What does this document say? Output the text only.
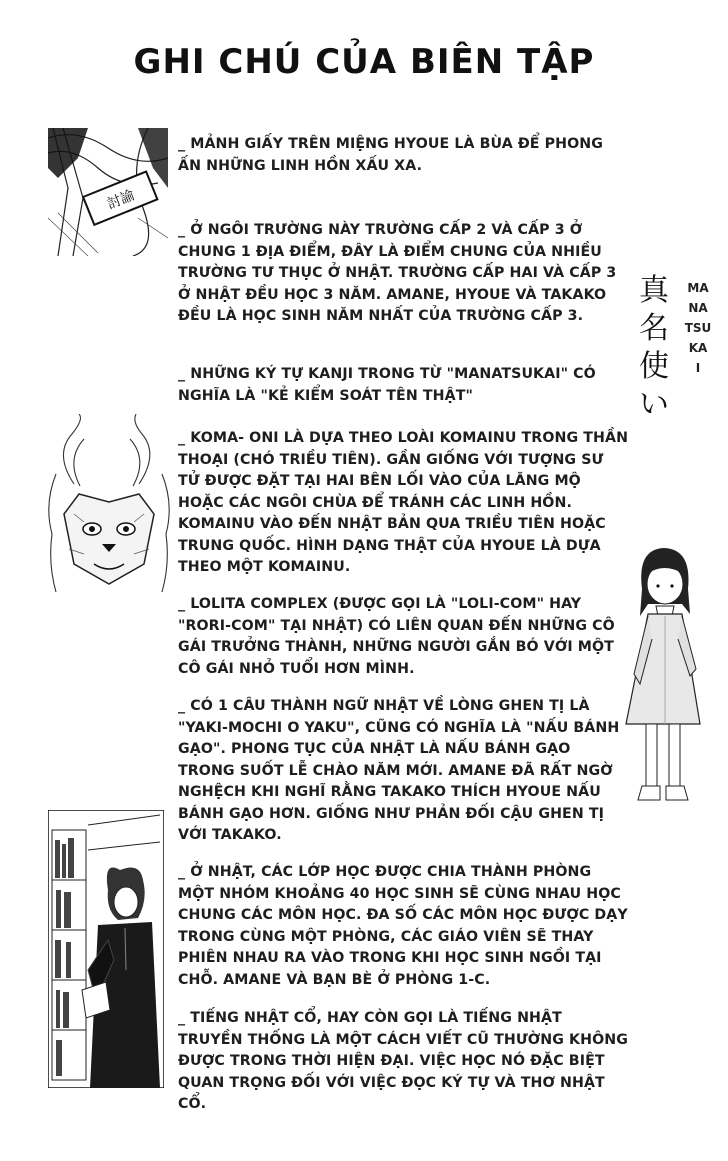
GHI CHÚ CỦA BIÊN TẬP
討諭
真
名
使
い
MA
NA
TSU
KA
I
_ MẢNH GIẤY TRÊN MIỆNG HYOUE LÀ BÙA ĐỂ PHONG ẤN NHỮNG LINH HỒN XẤU XA.
_ Ở NGÔI TRƯỜNG NÀY TRƯỜNG CẤP 2 VÀ CẤP 3 Ở CHUNG 1 ĐỊA ĐIỂM, ĐÂY LÀ ĐIỂM CHUNG CỦA NHIỀU TRƯỜNG TƯ THỤC Ở NHẬT. TRƯỜNG CẤP HAI VÀ CẤP 3 Ở NHẬT ĐỀU HỌC 3 NĂM. AMANE, HYOUE VÀ TAKAKO ĐỀU LÀ HỌC SINH NĂM NHẤT CỦA TRƯỜNG CẤP 3.
_ NHỮNG KÝ TỰ KANJI TRONG TỪ "MANATSUKAI" CÓ NGHĨA LÀ "KẺ KIỂM SOÁT TÊN THẬT"
_ KOMA- ONI LÀ DỰA THEO LOÀI KOMAINU TRONG THẦN THOẠI (CHÓ TRIỀU TIÊN). GẦN GIỐNG VỚI TƯỢNG SƯ TỬ ĐƯỢC ĐẶT TẠI HAI BÊN LỐI VÀO CỦA LĂNG MỘ HOẶC CÁC NGÔI CHÙA ĐỂ TRÁNH CÁC LINH HỒN. KOMAINU VÀO ĐẾN NHẬT BẢN QUA TRIỀU TIÊN HOẶC TRUNG QUỐC. HÌNH DẠNG THẬT CỦA HYOUE LÀ DỰA THEO MỘT KOMAINU.
_ LOLITA COMPLEX (ĐƯỢC GỌI LÀ "LOLI-COM" HAY "RORI-COM" TẠI NHẬT) CÓ LIÊN QUAN ĐẾN NHỮNG CÔ GÁI TRƯỞNG THÀNH, NHỮNG NGƯỜI GẮN BÓ VỚI MỘT CÔ GÁI NHỎ TUỔI HƠN MÌNH.
_ CÓ 1 CÂU THÀNH NGỮ NHẬT VỀ LÒNG GHEN TỊ LÀ "YAKI-MOCHI O YAKU", CŨNG CÓ NGHĨA LÀ "NẤU BÁNH GẠO". PHONG TỤC CỦA NHẬT LÀ NẤU BÁNH GẠO TRONG SUỐT LỄ CHÀO NĂM MỚI. AMANE ĐÃ RẤT NGỜ NGHỆCH KHI NGHĨ RẰNG TAKAKO THÍCH HYOUE NẤU BÁNH GẠO HƠN. GIỐNG NHƯ PHẢN ĐỐI CẬU GHEN TỊ VỚI TAKAKO.
_ Ở NHẬT, CÁC LỚP HỌC ĐƯỢC CHIA THÀNH PHÒNG MỘT NHÓM KHOẢNG 40 HỌC SINH SẼ CÙNG NHAU HỌC CHUNG CÁC MÔN HỌC. ĐA SỐ CÁC MÔN HỌC ĐƯỢC DẠY TRONG CÙNG MỘT PHÒNG, CÁC GIÁO VIÊN SẼ THAY PHIÊN NHAU RA VÀO TRONG KHI HỌC SINH NGỒI TẠI CHỖ. AMANE VÀ BẠN BÈ Ở PHÒNG 1-C.
_ TIẾNG NHẬT CỔ, HAY CÒN GỌI LÀ TIẾNG NHẬT TRUYỀN THỐNG LÀ MỘT CÁCH VIẾT CŨ THƯỜNG KHÔNG ĐƯỢC TRONG THỜI HIỆN ĐẠI. VIỆC HỌC NÓ ĐẶC BIỆT QUAN TRỌNG ĐỐI VỚI VIỆC ĐỌC KÝ TỰ VÀ THƠ NHẬT CỔ.
